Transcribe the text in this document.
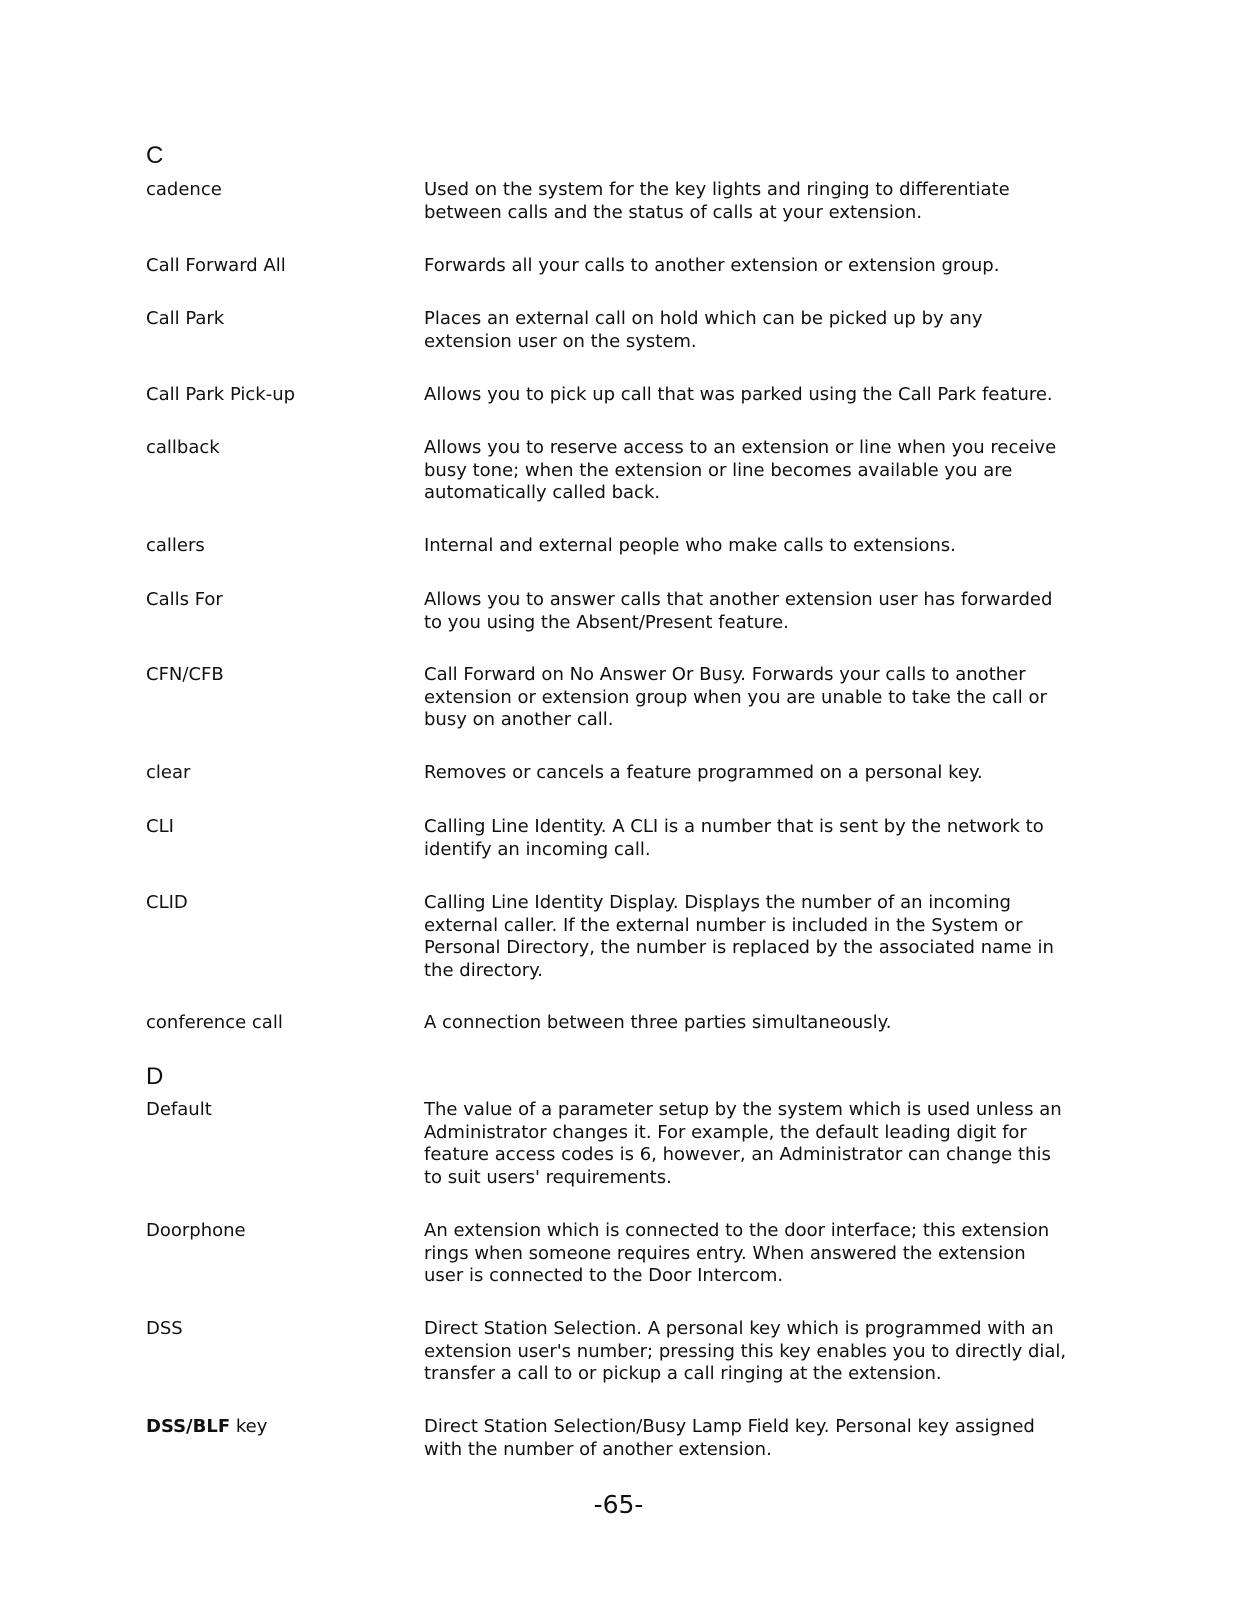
C
cadence	Used on the system for the key lights and ringing to differentiate
between calls and the status of calls at your extension.
Call Forward All	Forwards all your calls to another extension or extension group.
Call Park	Places an external call on hold which can be picked up by any
extension user on the system.
Call Park Pick-up	Allows you to pick up call that was parked using the Call Park feature.
callback	Allows you to reserve access to an extension or line when you receive
busy tone; when the extension or line becomes available you are
automatically called back.
callers	Internal and external people who make calls to extensions.
Calls For	Allows you to answer calls that another extension user has forwarded
to you using the Absent/Present feature.
CFN/CFB	Call Forward on No Answer Or Busy. Forwards your calls to another
extension or extension group when you are unable to take the call or
busy on another call.
clear	Removes or cancels a feature programmed on a personal key.
CLI	Calling Line Identity. A CLI is a number that is sent by the network to
identify an incoming call.
CLID	Calling Line Identity Display. Displays the number of an incoming
external caller. If the external number is included in the System or
Personal Directory, the number is replaced by the associated name in
the directory.
conference call	A connection between three parties simultaneously.
D
Default	The value of a parameter setup by the system which is used unless an
Administrator changes it. For example, the default leading digit for
feature access codes is 6, however, an Administrator can change this
to suit users' requirements.
Doorphone	An extension which is connected to the door interface; this extension
rings when someone requires entry. When answered the extension
user is connected to the Door Intercom.
DSS	Direct Station Selection. A personal key which is programmed with an
extension user's number; pressing this key enables you to directly dial,
transfer a call to or pickup a call ringing at the extension.
DSS/BLF key	Direct Station Selection/Busy Lamp Field key. Personal key assigned
with the number of another extension.
-65-
